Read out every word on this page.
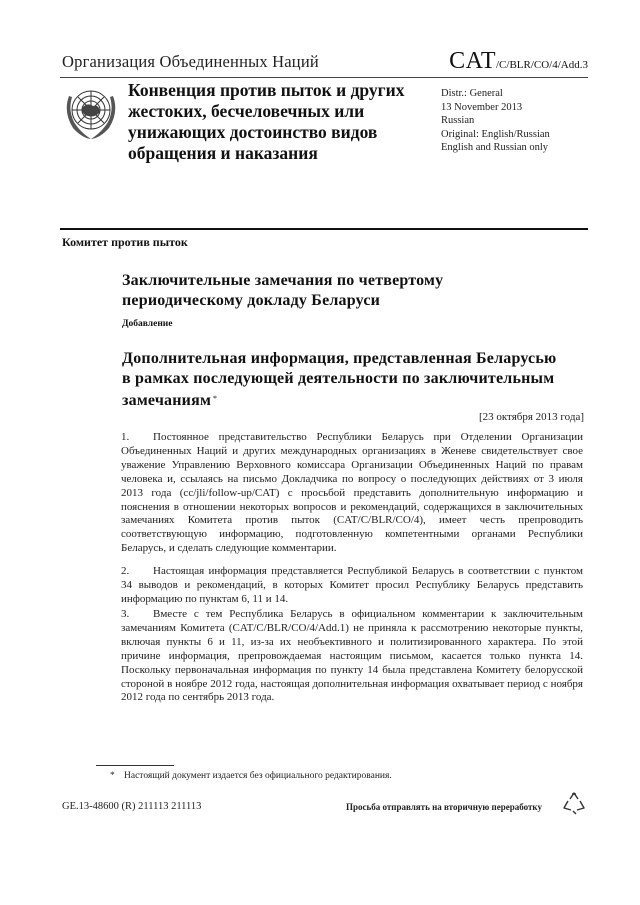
Организация Объединенных Наций	CAT/C/BLR/CO/4/Add.3
Конвенция против пыток и других жестоких, бесчеловечных или унижающих достоинство видов обращения и наказания
Distr.: General
13 November 2013
Russian
Original: English/Russian
English and Russian only
Комитет против пыток
Заключительные замечания по четвертому периодическому докладу Беларуси
Добавление
Дополнительная информация, представленная Беларусью в рамках последующей деятельности по заключительным замечаниям *
[23 октября 2013 года]
1. Постоянное представительство Республики Беларусь при Отделении Организации Объединенных Наций и других международных организациях в Женеве свидетельствует свое уважение Управлению Верховного комиссара Организации Объединенных Наций по правам человека и, ссылаясь на письмо Докладчика по вопросу о последующих действиях от 3 июля 2013 года (cc/jli/follow-up/CAT) с просьбой представить дополнительную информацию и пояснения в отношении некоторых вопросов и рекомендаций, содержащихся в заключительных замечаниях Комитета против пыток (CAT/C/BLR/CO/4), имеет честь препроводить соответствующую информацию, подготовленную компетентными органами Республики Беларусь, и сделать следующие комментарии.
2. Настоящая информация представляется Республикой Беларусь в соответствии с пунктом 34 выводов и рекомендаций, в которых Комитет просил Республику Беларусь представить информацию по пунктам 6, 11 и 14.
3. Вместе с тем Республика Беларусь в официальном комментарии к заключительным замечаниям Комитета (CAT/C/BLR/CO/4/Add.1) не приняла к рассмотрению некоторые пункты, включая пункты 6 и 11, из-за их необъективного и политизированного характера. По этой причине информация, препровождаемая настоящим письмом, касается только пункта 14. Поскольку первоначальная информация по пункту 14 была представлена Комитету белорусской стороной в ноябре 2012 года, настоящая дополнительная информация охватывает период с ноября 2012 года по сентябрь 2013 года.
* Настоящий документ издается без официального редактирования.
GE.13-48600 (R) 211113 211113	Просьба отправлять на вторичную переработку
